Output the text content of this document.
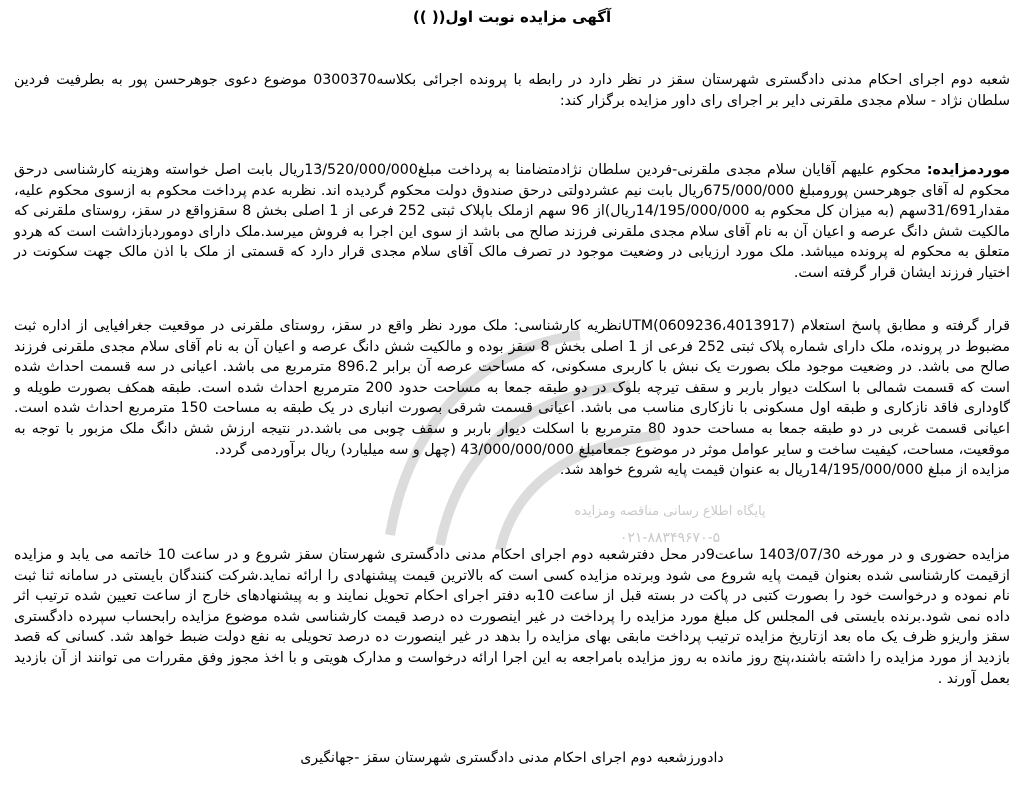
آگهی مزایده نوبت اول(( ))
شعبه دوم اجرای احکام مدنی دادگستری شهرستان سقز در نظر دارد در رابطه با پرونده اجرائی بکلاسه0300370 موضوع دعوی جوهرحسن پور به بطرفیت فردین سلطان نژاد - سلام مجدی ملقرنی دایر بر اجرای رای داور مزایده برگزار کند:
موردمزایده: محکوم علیهم آقایان سلام مجدی ملقرنی-فردین سلطان نژادمتضامنا به پرداخت مبلغ13/520/000/000ریال بابت اصل خواسته وهزینه کارشناسی درحق محکوم له آقای جوهرحسن پورومبلغ 675/000/000ریال بابت نیم عشردولتی درحق صندوق دولت محکوم گردیده اند. نظربه عدم پرداخت محکوم به ازسوی محکوم علیه، مقدار31/691سهم (به میزان کل محکوم به 14/195/000/000ریال)از 96 سهم ازملک باپلاک ثبتی 252 فرعی از 1 اصلی بخش 8 سقزواقع در سقز، روستای ملقرنی که مالکیت شش دانگ عرصه و اعیان آن به نام آقای سلام مجدی ملقرنی فرزند صالح می باشد از سوی این اجرا به فروش میرسد.ملک دارای دوموردبازداشت است که هردو متعلق به محکوم له پرونده میباشد. ملک مورد ارزیابی در وضعیت موجود در تصرف مالک آقای سلام مجدی قرار دارد که قسمتی از ملک با اذن مالک جهت سکونت در اختیار فرزند ایشان قرار گرفته است.
قرار گرفته و مطابق پاسخ استعلام UTM(0609236،4013917)نظریه کارشناسی: ملک مورد نظر واقع در سقز، روستای ملقرنی در موقعیت جغرافیایی از اداره ثبت مضبوط در پرونده، ملک دارای شماره پلاک ثبتی 252 فرعی از 1 اصلی بخش 8 سقز بوده و مالکیت شش دانگ عرصه و اعیان آن به نام آقای سلام مجدی ملقرنی فرزند صالح می باشد. در وضعیت موجود ملک بصورت یک نبش با کاربری مسکونی، که مساحت عرصه آن برابر 896.2 مترمربع می باشد. اعیانی در سه قسمت احداث شده است که قسمت شمالی با اسکلت دیوار باربر و سقف تیرچه بلوک در دو طبقه جمعا به مساحت حدود 200 مترمربع احداث شده است. طبقه همکف بصورت طویله و گاوداری فاقد نازکاری و طبقه اول مسکونی با نازکاری مناسب می باشد. اعیانی قسمت شرقی بصورت انباری در یک طبقه به مساحت 150 مترمربع احداث شده است. اعیانی قسمت غربی در دو طبقه جمعا به مساحت حدود 80 مترمربع با اسکلت دیوار باربر و سقف چوبی می باشد.در نتیجه ارزش شش دانگ ملک مزبور با توجه به موقعیت، مساحت، کیفیت ساخت و سایر عوامل موثر در موضوع جمعامبلغ 43/000/000/000 (چهل و سه میلیارد) ریال برآوردمی گردد.
مزایده از مبلغ 14/195/000/000ریال به عنوان قیمت پایه شروع خواهد شد.
پایگاه اطلاع رسانی مناقصه ومزایده
۰۲۱-۸۸۳۴۹۶۷۰-۵
مزایده حضوری و در مورخه 1403/07/30 ساعت9در محل دفترشعبه دوم اجرای احکام مدنی دادگستری شهرستان سقز شروع و در ساعت 10 خاتمه می یابد و مزایده ازقیمت کارشناسی شده بعنوان قیمت پایه شروع می شود وبرنده مزایده کسی است که بالاترین قیمت پیشنهادی را ارائه نماید.شرکت کنندگان بایستی در سامانه ثنا ثبت نام نموده و درخواست خود را بصورت کتبی در پاکت در بسته قبل از ساعت 10به دفتر اجرای احکام تحویل نمایند و به پیشنهادهای خارج از ساعت تعیین شده ترتیب اثر داده نمی شود.برنده بایستی فی المجلس کل مبلغ مورد مزایده را پرداخت در غیر اینصورت ده درصد قیمت کارشناسی شده موضوع مزایده رابحساب سپرده دادگستری سقز واریزو ظرف یک ماه بعد ازتاریخ مزایده ترتیب پرداخت مابقی بهای مزایده را بدهد در غیر اینصورت ده درصد تحویلی به نفع دولت ضبط خواهد شد. کسانی که قصد بازدید از مورد مزایده را داشته باشند،پنج روز مانده به روز مزایده بامراجعه به این اجرا ارائه درخواست و مدارک هویتی و با اخذ مجوز وفق مقررات می توانند از آن بازدید بعمل آورند .
دادورزشعبه دوم اجرای احکام مدنی دادگستری شهرستان سقز -جهانگیری
